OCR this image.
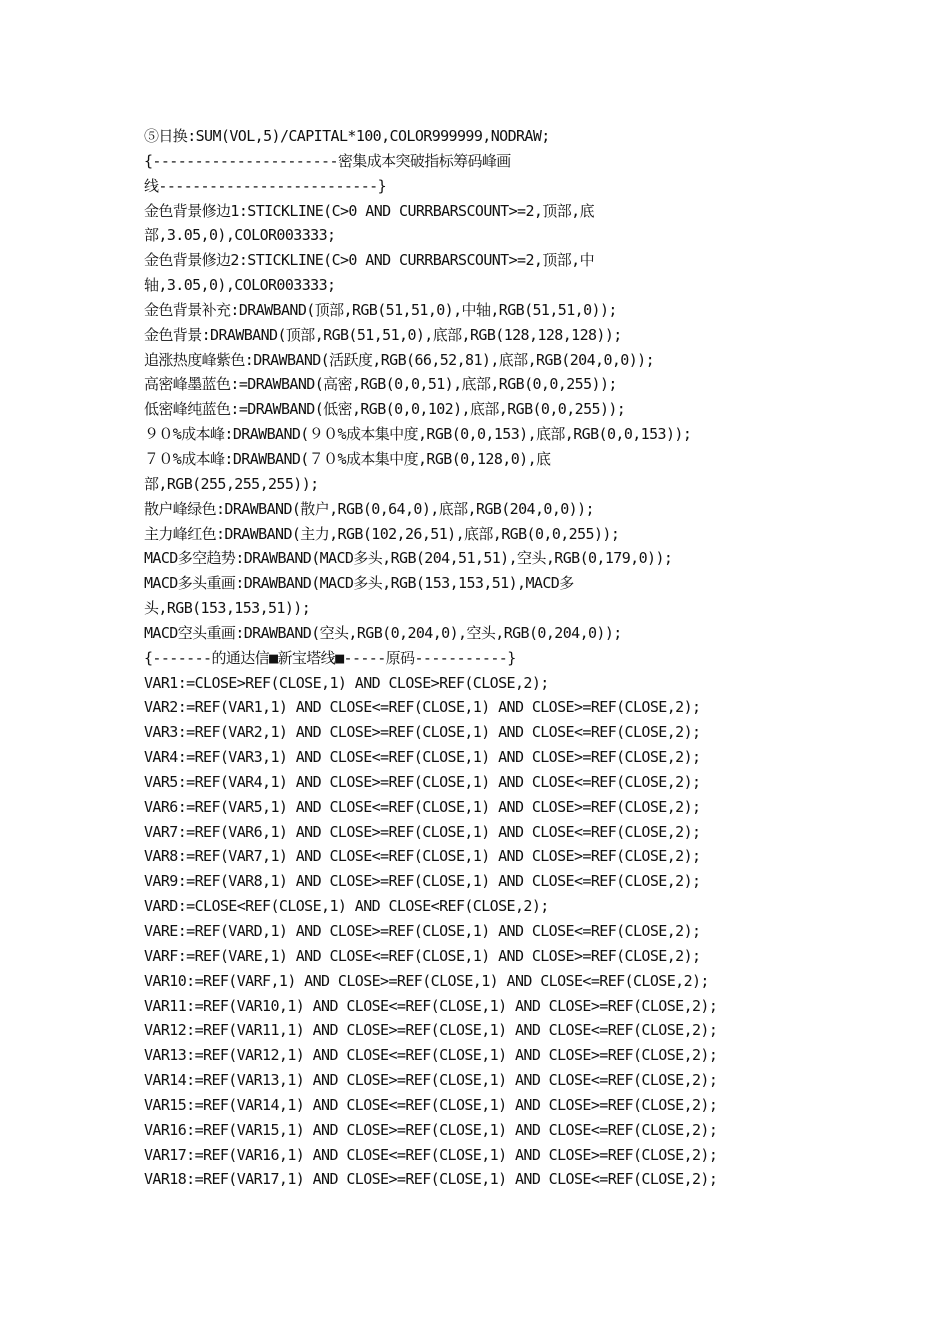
⑤日换:SUM(VOL,5)/CAPITAL*100,COLOR999999,NODRAW;
{----------------------密集成本突破指标筹码峰画
线--------------------------}
金色背景修边1:STICKLINE(C>0 AND CURRBARSCOUNT>=2,顶部,底
部,3.05,0),COLOR003333;
金色背景修边2:STICKLINE(C>0 AND CURRBARSCOUNT>=2,顶部,中
轴,3.05,0),COLOR003333;
金色背景补充:DRAWBAND(顶部,RGB(51,51,0),中轴,RGB(51,51,0));
金色背景:DRAWBAND(顶部,RGB(51,51,0),底部,RGB(128,128,128));
追涨热度峰紫色:DRAWBAND(活跃度,RGB(66,52,81),底部,RGB(204,0,0));
高密峰墨蓝色:=DRAWBAND(高密,RGB(0,0,51),底部,RGB(0,0,255));
低密峰纯蓝色:=DRAWBAND(低密,RGB(0,0,102),底部,RGB(0,0,255));
９０%成本峰:DRAWBAND(９０%成本集中度,RGB(0,0,153),底部,RGB(0,0,153));
７０%成本峰:DRAWBAND(７０%成本集中度,RGB(0,128,0),底
部,RGB(255,255,255));
散户峰绿色:DRAWBAND(散户,RGB(0,64,0),底部,RGB(204,0,0));
主力峰红色:DRAWBAND(主力,RGB(102,26,51),底部,RGB(0,0,255));
MACD多空趋势:DRAWBAND(MACD多头,RGB(204,51,51),空头,RGB(0,179,0));
MACD多头重画:DRAWBAND(MACD多头,RGB(153,153,51),MACD多
头,RGB(153,153,51));
MACD空头重画:DRAWBAND(空头,RGB(0,204,0),空头,RGB(0,204,0));
{-------的通达信■新宝塔线■-----原码-----------}
VAR1:=CLOSE>REF(CLOSE,1) AND CLOSE>REF(CLOSE,2);
VAR2:=REF(VAR1,1) AND CLOSE<=REF(CLOSE,1) AND CLOSE>=REF(CLOSE,2);
VAR3:=REF(VAR2,1) AND CLOSE>=REF(CLOSE,1) AND CLOSE<=REF(CLOSE,2);
VAR4:=REF(VAR3,1) AND CLOSE<=REF(CLOSE,1) AND CLOSE>=REF(CLOSE,2);
VAR5:=REF(VAR4,1) AND CLOSE>=REF(CLOSE,1) AND CLOSE<=REF(CLOSE,2);
VAR6:=REF(VAR5,1) AND CLOSE<=REF(CLOSE,1) AND CLOSE>=REF(CLOSE,2);
VAR7:=REF(VAR6,1) AND CLOSE>=REF(CLOSE,1) AND CLOSE<=REF(CLOSE,2);
VAR8:=REF(VAR7,1) AND CLOSE<=REF(CLOSE,1) AND CLOSE>=REF(CLOSE,2);
VAR9:=REF(VAR8,1) AND CLOSE>=REF(CLOSE,1) AND CLOSE<=REF(CLOSE,2);
VARD:=CLOSE<REF(CLOSE,1) AND CLOSE<REF(CLOSE,2);
VARE:=REF(VARD,1) AND CLOSE>=REF(CLOSE,1) AND CLOSE<=REF(CLOSE,2);
VARF:=REF(VARE,1) AND CLOSE<=REF(CLOSE,1) AND CLOSE>=REF(CLOSE,2);
VAR10:=REF(VARF,1) AND CLOSE>=REF(CLOSE,1) AND CLOSE<=REF(CLOSE,2);
VAR11:=REF(VAR10,1) AND CLOSE<=REF(CLOSE,1) AND CLOSE>=REF(CLOSE,2);
VAR12:=REF(VAR11,1) AND CLOSE>=REF(CLOSE,1) AND CLOSE<=REF(CLOSE,2);
VAR13:=REF(VAR12,1) AND CLOSE<=REF(CLOSE,1) AND CLOSE>=REF(CLOSE,2);
VAR14:=REF(VAR13,1) AND CLOSE>=REF(CLOSE,1) AND CLOSE<=REF(CLOSE,2);
VAR15:=REF(VAR14,1) AND CLOSE<=REF(CLOSE,1) AND CLOSE>=REF(CLOSE,2);
VAR16:=REF(VAR15,1) AND CLOSE>=REF(CLOSE,1) AND CLOSE<=REF(CLOSE,2);
VAR17:=REF(VAR16,1) AND CLOSE<=REF(CLOSE,1) AND CLOSE>=REF(CLOSE,2);
VAR18:=REF(VAR17,1) AND CLOSE>=REF(CLOSE,1) AND CLOSE<=REF(CLOSE,2);
